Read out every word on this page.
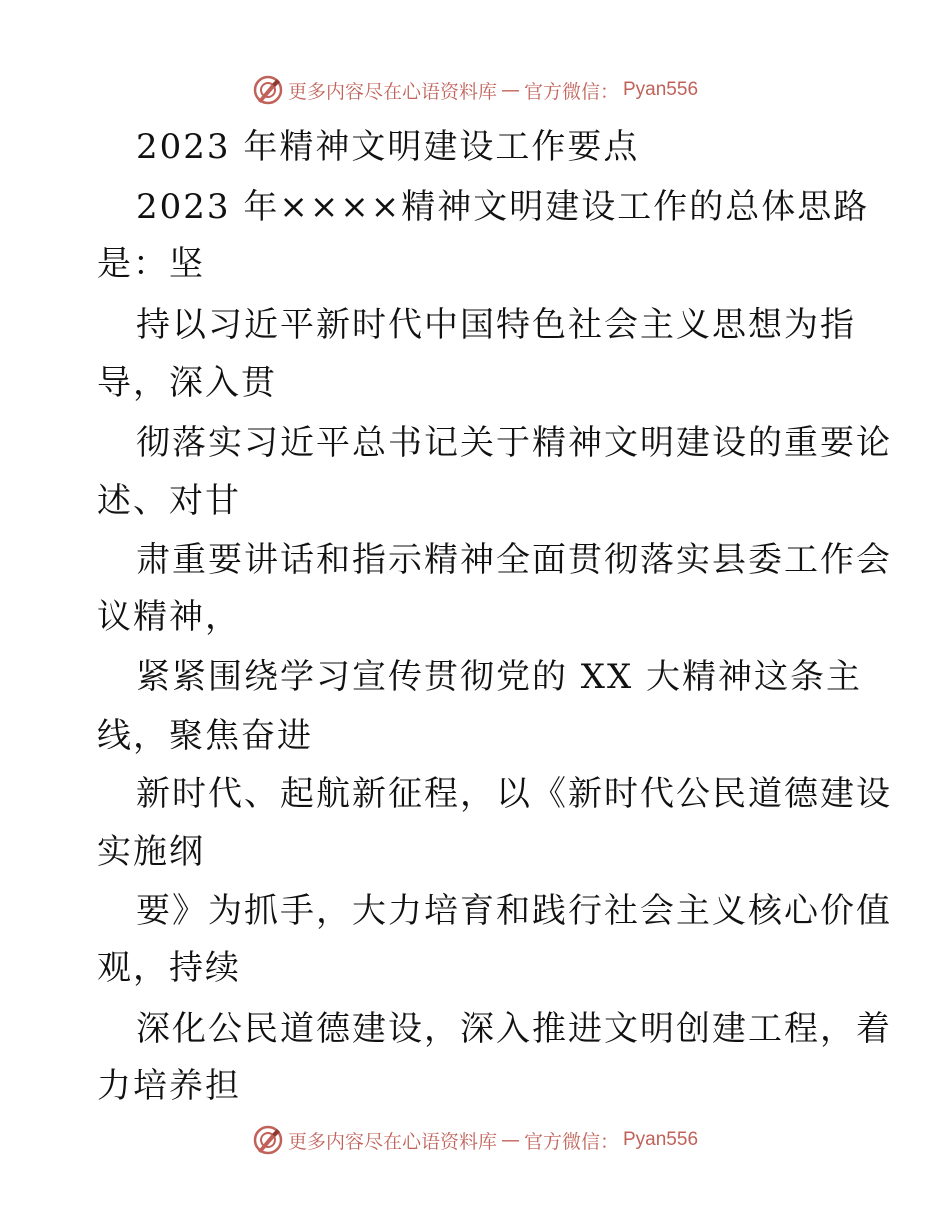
更多内容尽在心语资料库 — 官方微信： Pyan556
2023 年精神文明建设工作要点
2023 年××××精神文明建设工作的总体思路
是：坚
持以习近平新时代中国特色社会主义思想为指
导，深入贯
彻落实习近平总书记关于精神文明建设的重要论
述、对甘
肃重要讲话和指示精神全面贯彻落实县委工作会
议精神，
紧紧围绕学习宣传贯彻党的 XX 大精神这条主
线，聚焦奋进
新时代、起航新征程，以《新时代公民道德建设
实施纲
要》为抓手，大力培育和践行社会主义核心价值
观，持续
深化公民道德建设，深入推进文明创建工程，着
力培养担
更多内容尽在心语资料库 — 官方微信： Pyan556
